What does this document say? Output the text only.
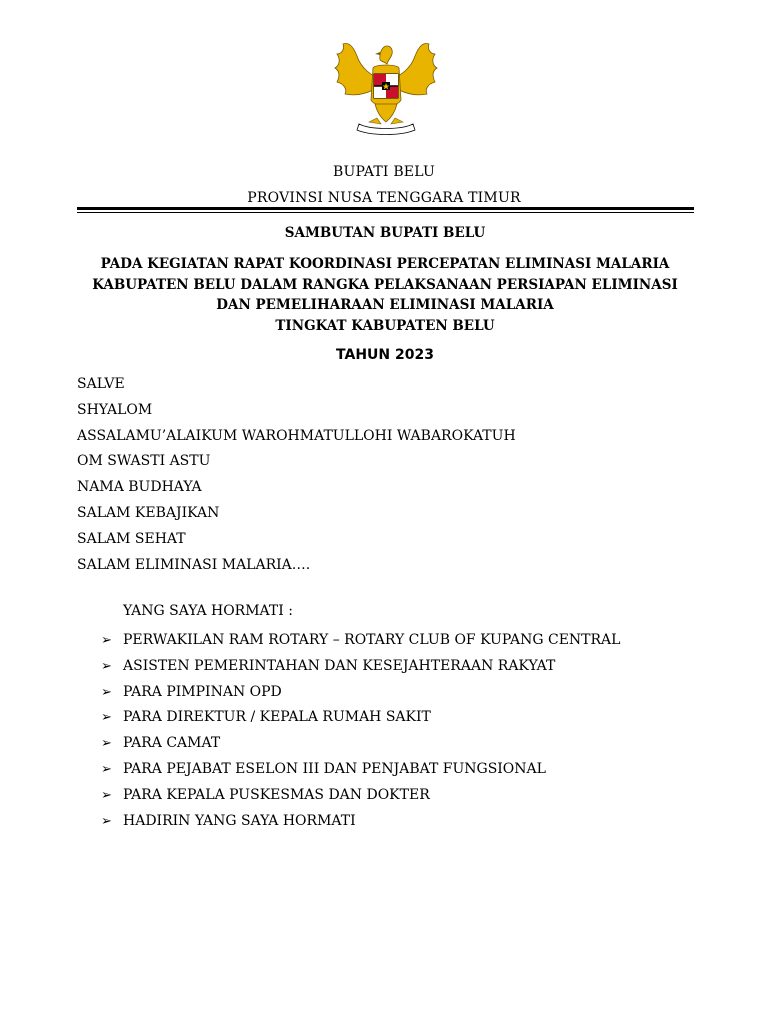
BUPATI BELU
PROVINSI NUSA TENGGARA TIMUR
SAMBUTAN BUPATI BELU
PADA KEGIATAN RAPAT KOORDINASI PERCEPATAN ELIMINASI MALARIA
KABUPATEN BELU DALAM RANGKA PELAKSANAAN PERSIAPAN ELIMINASI
DAN PEMELIHARAAN ELIMINASI MALARIA
TINGKAT KABUPATEN BELU
TAHUN 2023
SALVE
SHYALOM
ASSALAMU’ALAIKUM WAROHMATULLOHI WABAROKATUH
OM SWASTI ASTU
NAMA BUDHAYA
SALAM KEBAJIKAN
SALAM SEHAT
SALAM ELIMINASI MALARIA….
YANG SAYA HORMATI :
➢ PERWAKILAN RAM ROTARY – ROTARY CLUB OF KUPANG CENTRAL
➢ ASISTEN PEMERINTAHAN DAN KESEJAHTERAAN RAKYAT
➢ PARA PIMPINAN OPD
➢ PARA DIREKTUR / KEPALA RUMAH SAKIT
➢ PARA CAMAT
➢ PARA PEJABAT ESELON III DAN PENJABAT FUNGSIONAL
➢ PARA KEPALA PUSKESMAS DAN DOKTER
➢ HADIRIN YANG SAYA HORMATI
